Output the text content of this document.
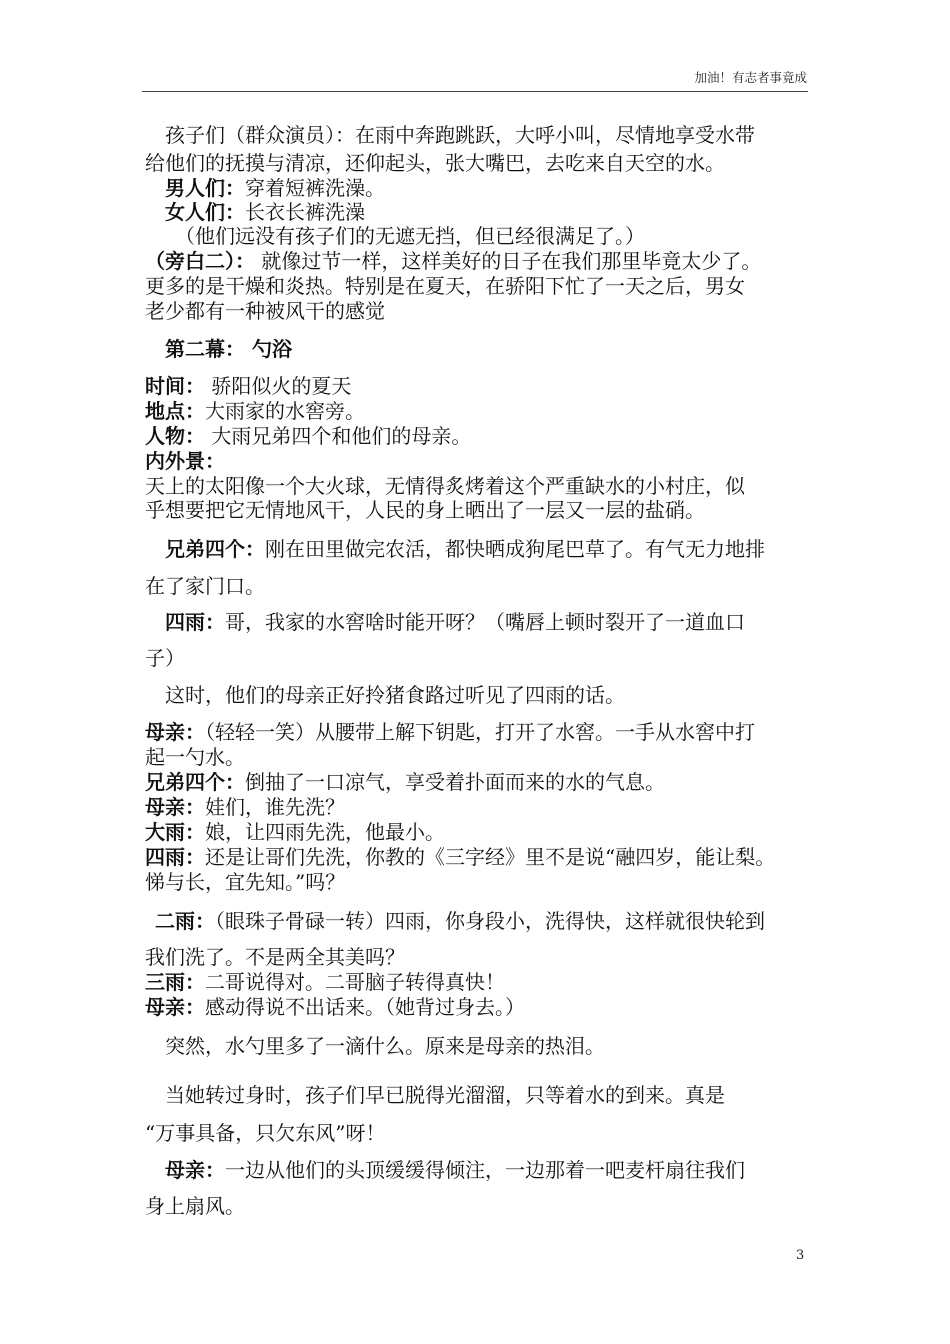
加油！有志者事竟成
孩子们（群众演员）：在雨中奔跑跳跃，大呼小叫，尽情地享受水带
给他们的抚摸与清凉，还仰起头，张大嘴巴，去吃来自天空的水。
男人们：穿着短裤洗澡。
女人们：长衣长裤洗澡
（他们远没有孩子们的无遮无挡，但已经很满足了。）
（旁白二）： 就像过节一样，这样美好的日子在我们那里毕竟太少了。
更多的是干燥和炎热。特别是在夏天，在骄阳下忙了一天之后，男女
老少都有一种被风干的感觉
第二幕： 勺浴
时间： 骄阳似火的夏天
地点：大雨家的水窖旁。
人物： 大雨兄弟四个和他们的母亲。
内外景：
天上的太阳像一个大火球，无情得炙烤着这个严重缺水的小村庄，似
乎想要把它无情地风干，人民的身上晒出了一层又一层的盐硝。
兄弟四个：刚在田里做完农活，都快晒成狗尾巴草了。有气无力地排
在了家门口。
四雨：哥，我家的水窖啥时能开呀？（嘴唇上顿时裂开了一道血口
子）
这时，他们的母亲正好拎猪食路过听见了四雨的话。
母亲：（轻轻一笑）从腰带上解下钥匙，打开了水窖。一手从水窖中打
起一勺水。
兄弟四个：倒抽了一口凉气，享受着扑面而来的水的气息。
母亲：娃们，谁先洗？
大雨：娘，让四雨先洗，他最小。
四雨：还是让哥们先洗，你教的《三字经》里不是说“融四岁，能让梨。
悌与长，宜先知。”吗？
二雨：（眼珠子骨碌一转）四雨，你身段小，洗得快，这样就很快轮到
我们洗了。不是两全其美吗？
三雨：二哥说得对。二哥脑子转得真快！
母亲：感动得说不出话来。（她背过身去。）
突然，水勺里多了一滴什么。原来是母亲的热泪。
当她转过身时，孩子们早已脱得光溜溜，只等着水的到来。真是
“万事具备，只欠东风”呀！
母亲：一边从他们的头顶缓缓得倾注，一边那着一吧麦杆扇往我们
身上扇风。
3
